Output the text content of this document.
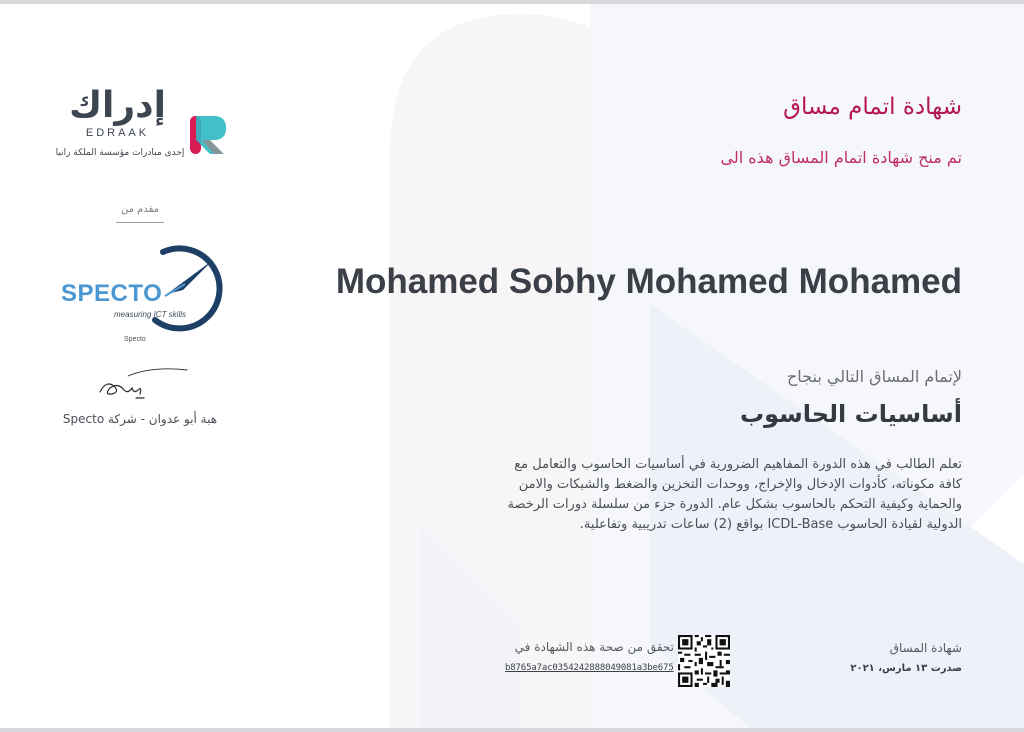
شهادة اتمام مساق
تم منح شهادة اتمام المساق هذه الى
Mohamed Sobhy Mohamed Mohamed
لإتمام المساق التالي بنجاح
أساسيات الحاسوب
تعلم الطالب في هذه الدورة المفاهيم الضرورية في أساسيات الحاسوب والتعامل مع كافة مكوناته، كأدوات الإدخال والإخراج، ووحدات التخزين والضغط والشبكات والامن والحماية وكيفية التحكم بالحاسوب بشكل عام. الدورة جزء من سلسلة دورات الرخصة الدولية لقيادة الحاسوب ICDL-Base بواقع (2) ساعات تدريبية وتفاعلية.
شهادة المساق
صدرت ١٣ مارس، ٢٠٢١
تحقق من صحة هذه الشهادة في
b8765a7ac0354242888049081a3be675
إدراك
EDRAAK
إحدى مبادرات مؤسسة الملكة رانيا
مقدم من
SPECTO
measuring ICT skills
Specto
هبة أبو عدوان - شركة Specto
